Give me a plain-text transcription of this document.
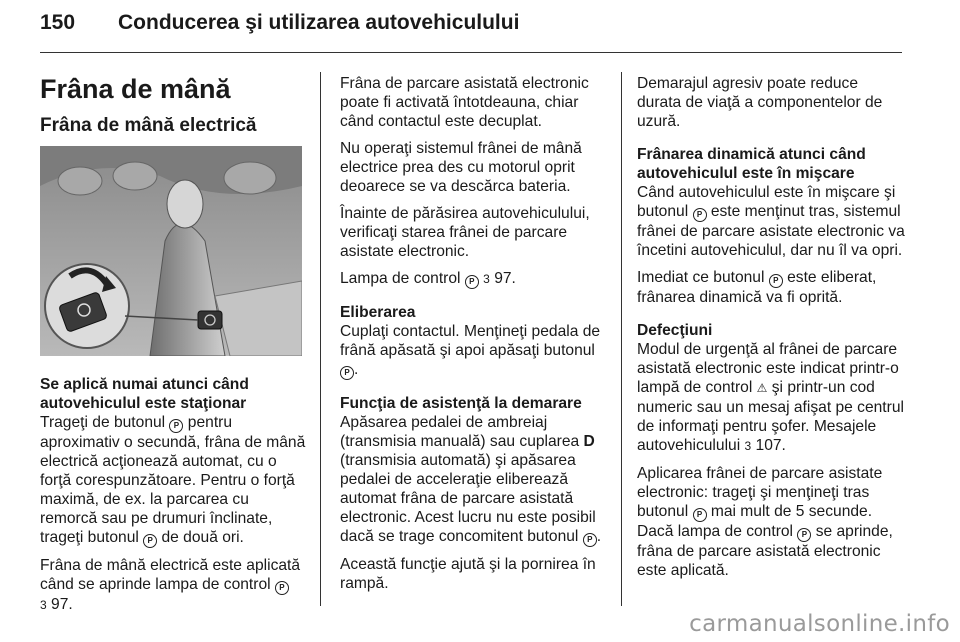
150 Conducerea şi utilizarea autovehiculului
Frâna de mână
Frâna de mână electrică
Se aplică numai atunci când autovehiculul este staţionar

Trageţi de butonul P pentru aproximativ o secundă, frâna de mână electrică acţionează automat, cu o forţă corespunzătoare. Pentru o forţă maximă, de ex. la parcarea cu remorcă sau pe drumuri înclinate, trageţi butonul P de două ori.

Frâna de mână electrică este aplicată când se aprinde lampa de control P
3 97.

Frâna de parcare asistată electronic poate fi activată întotdeauna, chiar când contactul este decuplat.

Nu operaţi sistemul frânei de mână electrice prea des cu motorul oprit deoarece se va descărca bateria.

Înainte de părăsirea autovehiculului, verificaţi starea frânei de parcare asistate electronic.

Lampa de control P 3 97.

Eliberarea

Cuplaţi contactul. Menţineţi pedala de frână apăsată şi apoi apăsaţi butonul P .

Funcţia de asistenţă la demarare

Apăsarea pedalei de ambreiaj (transmisia manuală) sau cuplarea D (transmisia automată) şi apăsarea pedalei de acceleraţie eliberează automat frâna de parcare asistată electronic. Acest lucru nu este posibil dacă se trage concomitent butonul P .

Această funcţie ajută şi la pornirea în rampă.

Demarajul agresiv poate reduce durata de viaţă a componentelor de uzură.

Frânarea dinamică atunci când autovehiculul este în mişcare

Când autovehiculul este în mişcare şi butonul P este menţinut tras, sistemul frânei de parcare asistate electronic va încetini autovehiculul, dar nu îl va opri.

Imediat ce butonul P este eliberat, frânarea dinamică va fi oprită.

Defecţiuni

Modul de urgenţă al frânei de parcare asistată electronic este indicat printr-o lampă de control ⚠ şi printr-un cod numeric sau un mesaj afişat pe centrul de informaţi pentru şofer. Mesajele autovehiculului 3 107.

Aplicarea frânei de parcare asistate electronic: trageţi şi menţineţi tras butonul P mai mult de 5 secunde. Dacă lampa de control P se aprinde, frâna de parcare asistată electronic este aplicată.

carmanualsonline.info
